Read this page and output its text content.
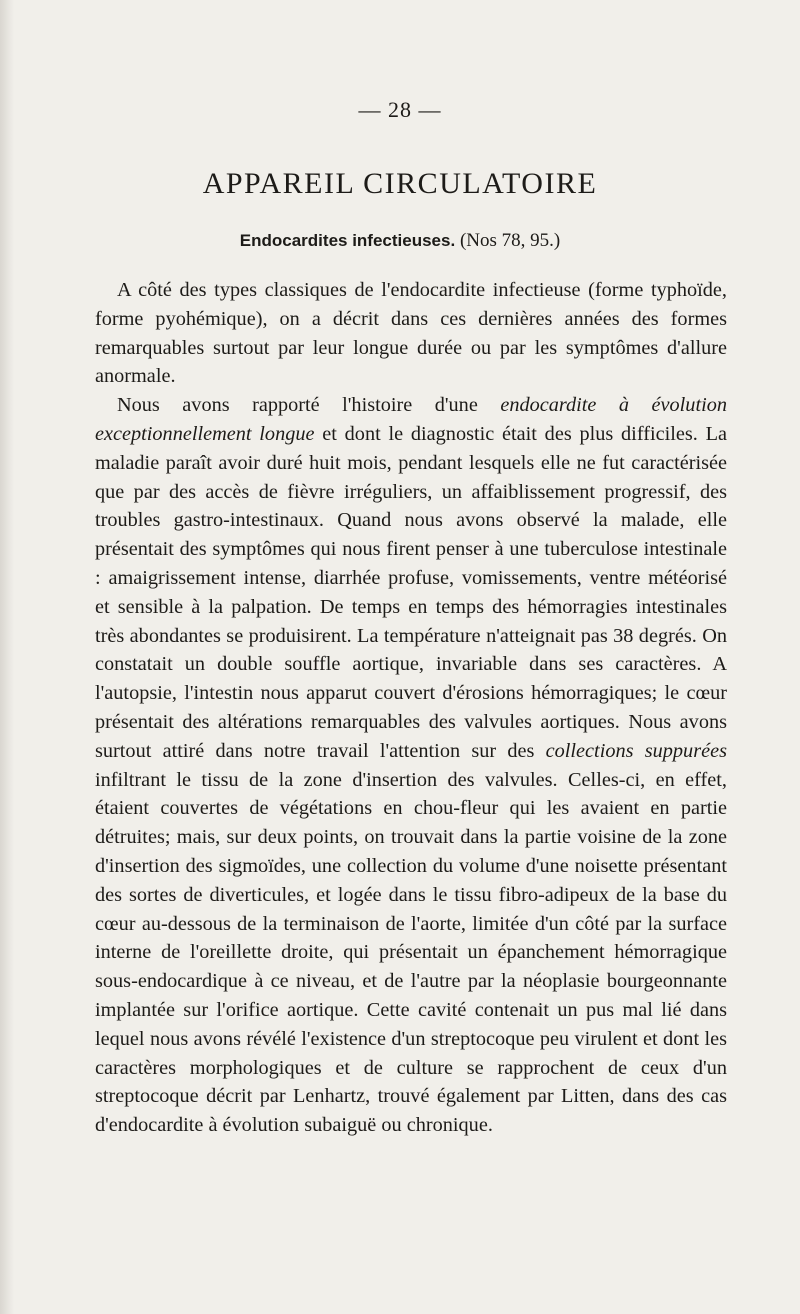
— 28 —
APPAREIL CIRCULATOIRE
Endocardites infectieuses. (Nos 78, 95.)

A côté des types classiques de l'endocardite infectieuse (forme typhoïde, forme pyohémique), on a décrit dans ces dernières années des formes remarquables surtout par leur longue durée ou par les symptômes d'allure anormale.

Nous avons rapporté l'histoire d'une endocardite à évolution exceptionnellement longue et dont le diagnostic était des plus difficiles. La maladie paraît avoir duré huit mois, pendant lesquels elle ne fut caractérisée que par des accès de fièvre irréguliers, un affaiblissement progressif, des troubles gastro-intestinaux. Quand nous avons observé la malade, elle présentait des symptômes qui nous firent penser à une tuberculose intestinale : amaigrissement intense, diarrhée profuse, vomissements, ventre météorisé et sensible à la palpation. De temps en temps des hémorragies intestinales très abondantes se produisirent. La température n'atteignait pas 38 degrés. On constatait un double souffle aortique, invariable dans ses caractères. A l'autopsie, l'intestin nous apparut couvert d'érosions hémorragiques; le cœur présentait des altérations remarquables des valvules aortiques. Nous avons surtout attiré dans notre travail l'attention sur des collections suppurées infiltrant le tissu de la zone d'insertion des valvules. Celles-ci, en effet, étaient couvertes de végétations en chou-fleur qui les avaient en partie détruites; mais, sur deux points, on trouvait dans la partie voisine de la zone d'insertion des sigmoïdes, une collection du volume d'une noisette présentant des sortes de diverticules, et logée dans le tissu fibro-adipeux de la base du cœur au-dessous de la terminaison de l'aorte, limitée d'un côté par la surface interne de l'oreillette droite, qui présentait un épanchement hémorragique sous-endocardique à ce niveau, et de l'autre par la néoplasie bourgeonnante implantée sur l'orifice aortique. Cette cavité contenait un pus mal lié dans lequel nous avons révélé l'existence d'un streptocoque peu virulent et dont les caractères morphologiques et de culture se rapprochent de ceux d'un streptocoque décrit par Lenhartz, trouvé également par Litten, dans des cas d'endocardite à évolution subaiguë ou chronique.
